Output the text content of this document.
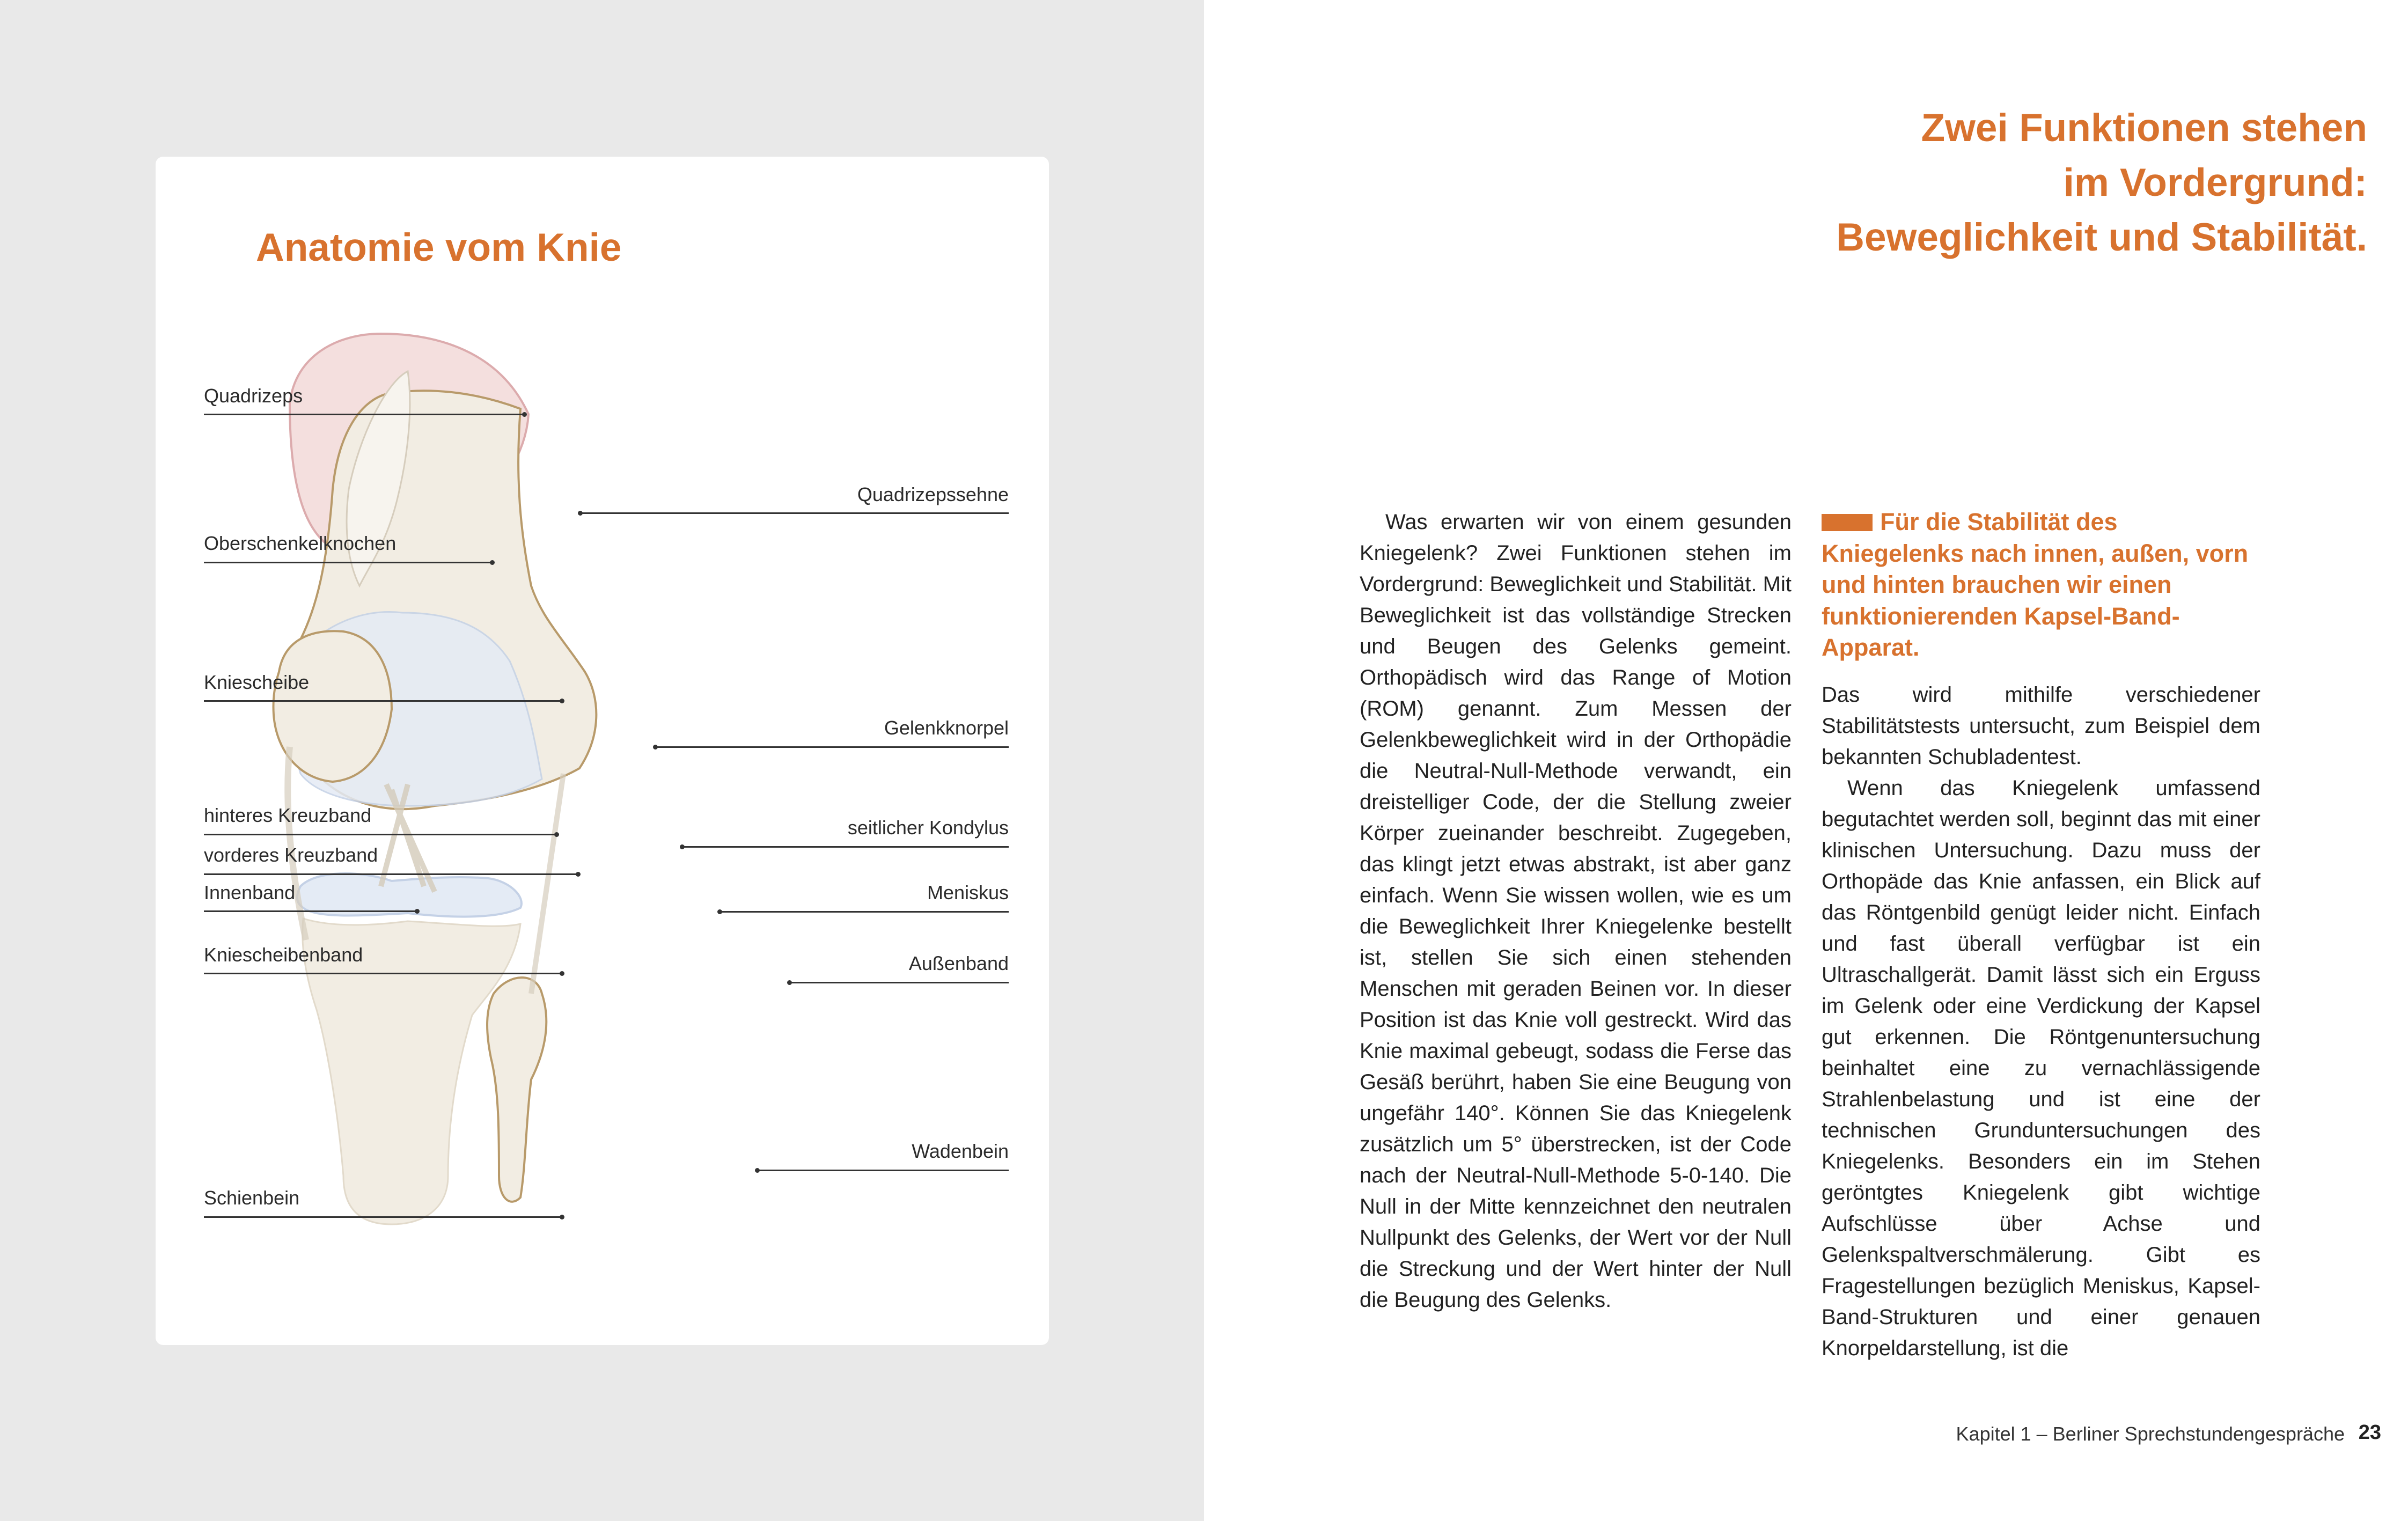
Anatomie vom Knie
Quadrizeps
Oberschenkelknochen
Kniescheibe
hinteres Kreuzband
vorderes Kreuzband
Innenband
Kniescheibenband
Schienbein
Quadrizepssehne
Gelenkknorpel
seitlicher Kondylus
Meniskus
Außenband
Wadenbein
Zwei Funktionen stehen
im Vordergrund:
Beweglichkeit und Stabilität.

Was erwarten wir von einem gesunden Kniegelenk? Zwei Funktionen stehen im Vordergrund: Beweglichkeit und Stabilität. Mit Beweglichkeit ist das vollständige Strecken und Beugen des Gelenks gemeint. Orthopädisch wird das Range of Motion (ROM) genannt. Zum Messen der Gelenkbeweglichkeit wird in der Orthopädie die Neutral-Null-Methode verwandt, ein dreistelliger Code, der die Stellung zweier Körper zueinander beschreibt. Zugegeben, das klingt jetzt etwas abstrakt, ist aber ganz einfach. Wenn Sie wissen wollen, wie es um die Beweglichkeit Ihrer Kniegelenke bestellt ist, stellen Sie sich einen stehenden Menschen mit geraden Beinen vor. In dieser Position ist das Knie voll gestreckt. Wird das Knie maximal gebeugt, sodass die Ferse das Gesäß berührt, haben Sie eine Beugung von ungefähr 140°. Können Sie das Kniegelenk zusätzlich um 5° überstrecken, ist der Code nach der Neutral-Null-Methode 5-0-140. Die Null in der Mitte kennzeichnet den neutralen Nullpunkt des Gelenks, der Wert vor der Null die Streckung und der Wert hinter der Null die Beugung des Gelenks.

Für die Stabilität des Kniegelenks nach innen, außen, vorn und hinten brauchen wir einen funktionierenden Kapsel-Band-Apparat.

Das wird mithilfe verschiedener Stabilitätstests untersucht, zum Beispiel dem bekannten Schubladentest.

Wenn das Kniegelenk umfassend begutachtet werden soll, beginnt das mit einer klinischen Untersuchung. Dazu muss der Orthopäde das Knie anfassen, ein Blick auf das Röntgenbild genügt leider nicht. Einfach und fast überall verfügbar ist ein Ultraschallgerät. Damit lässt sich ein Erguss im Gelenk oder eine Verdickung der Kapsel gut erkennen. Die Röntgenuntersuchung beinhaltet eine zu vernachlässigende Strahlenbelastung und ist eine der technischen Grunduntersuchungen des Kniegelenks. Besonders ein im Stehen geröntgtes Kniegelenk gibt wichtige Aufschlüsse über Achse und Gelenkspaltverschmälerung. Gibt es Fragestellungen bezüglich Meniskus, Kapsel-Band-Strukturen und einer genauen Knorpeldarstellung, ist die

Kapitel 1 – Berliner Sprechstundengespräche 23
